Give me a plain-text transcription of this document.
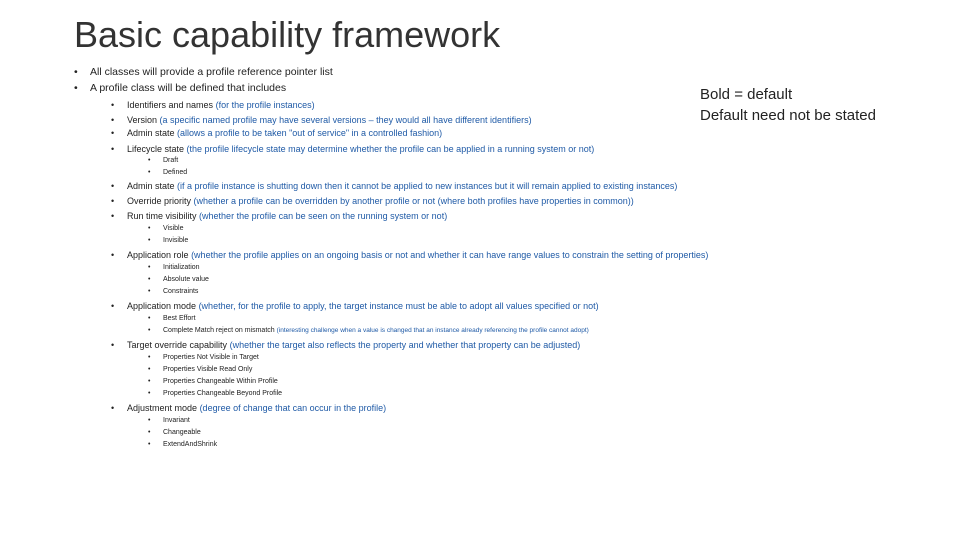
Basic capability framework
Bold = default
Default need not be stated
• All classes will provide a profile reference pointer list
• A profile class will be defined that includes
• Identifiers and names (for the profile instances)
• Version (a specific named profile may have several versions – they would all have different identifiers)
• Admin state (allows a profile to be taken "out of service" in a controlled fashion)
• Lifecycle state (the profile lifecycle state may determine whether the profile can be applied in a running system or not)
• Draft
• Defined
• Admin state (if a profile instance is shutting down then it cannot be applied to new instances but it will remain applied to existing instances)
• Override priority (whether a profile can be overridden by another profile or not (where both profiles have properties in common))
• Run time visibility (whether the profile can be seen on the running system or not)
• Visible
• Invisible
• Application role (whether the profile applies on an ongoing basis or not and whether it can have range values to constrain the setting of properties)
• Initialization
• Absolute value
• Constraints
• Application mode (whether, for the profile to apply, the target instance must be able to adopt all values specified or not)
• Best Effort
• Complete Match reject on mismatch (interesting challenge when a value is changed that an instance already referencing the profile cannot adopt)
• Target override capability (whether the target also reflects the property and whether that property can be adjusted)
• Properties Not Visible in Target
• Properties Visible Read Only
• Properties Changeable Within Profile
• Properties Changeable Beyond Profile
• Adjustment mode (degree of change that can occur in the profile)
• Invariant
• Changeable
• ExtendAndShrink
